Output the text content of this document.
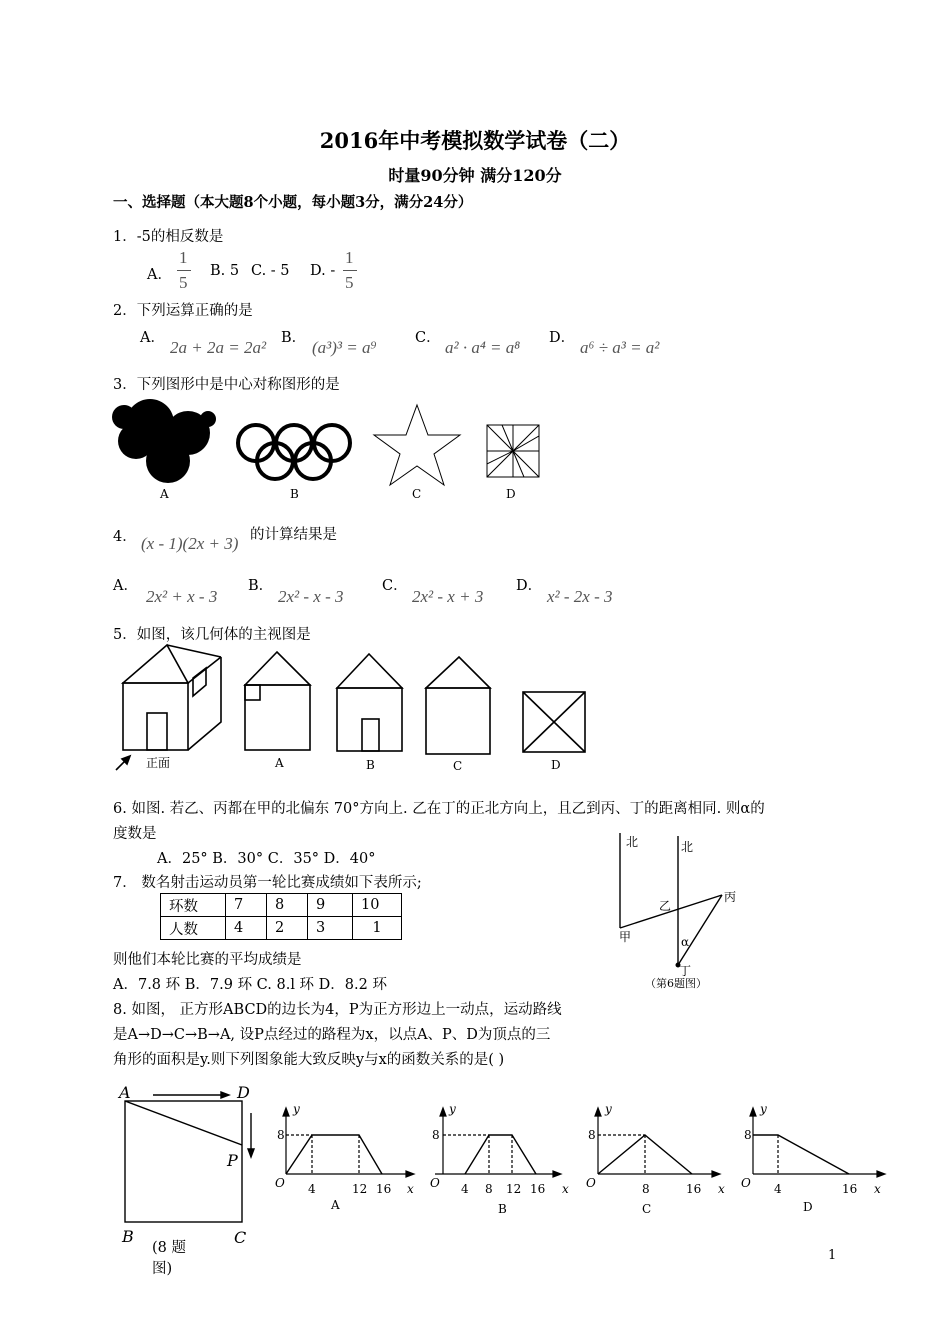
2016年中考模拟数学试卷（二）
时量90分钟 满分120分
一、选择题（本大题8个小题，每小题3分，满分24分）
1．-5的相反数是
A．
1
5
B. 5 C. - 5 D. -
1
5
2．下列运算正确的是
A． 2a + 2a = 2a² B． (a³)³ = a⁹	C． a² · a⁴ = a⁸ D． a⁶ ÷ a³ = a²
3．下列图形中是中心对称图形的是
A	B	C	D
4． (x - 1)(2x + 3) 的计算结果是
A．
2x² + x - 3
B．
2x² - x - 3
C．
2x² - x + 3
D．
x² - 2x - 3
5．如图，该几何体的主视图是
正面	A	B	C	D
6. 如图. 若乙、丙都在甲的北偏东 70°方向上. 乙在丁的正北方向上，且乙到丙、丁的距离相同. 则α的
度数是
A．25° B．30° C．35° D．40°
北	北
乙
丙
甲	α
丁
（第6题图）
7． 数名射击运动员第一轮比赛成绩如下表所示;
环数	7	8	9	10
人数	4	2	3	1
则他们本轮比赛的平均成绩是
A．7.8 环 B．7.9 环 C. 8.l 环 D．8.2 环
8. 如图， 正方形ABCD的边长为4，P为正方形边上一动点，运动路线
是A→D→C→B→A, 设P点经过的路程为x，以点A、P、D为顶点的三
角形的面积是y.则下列图象能大致反映y与x的函数关系的是( )
A	D
P
B	C
(8 题
图)
y
8
O 4	12 16 x
A
y
8
O 4 8 12 16 x
B
y
8
O	8	16 x
C
y
8
O 4	16 x
D
1
